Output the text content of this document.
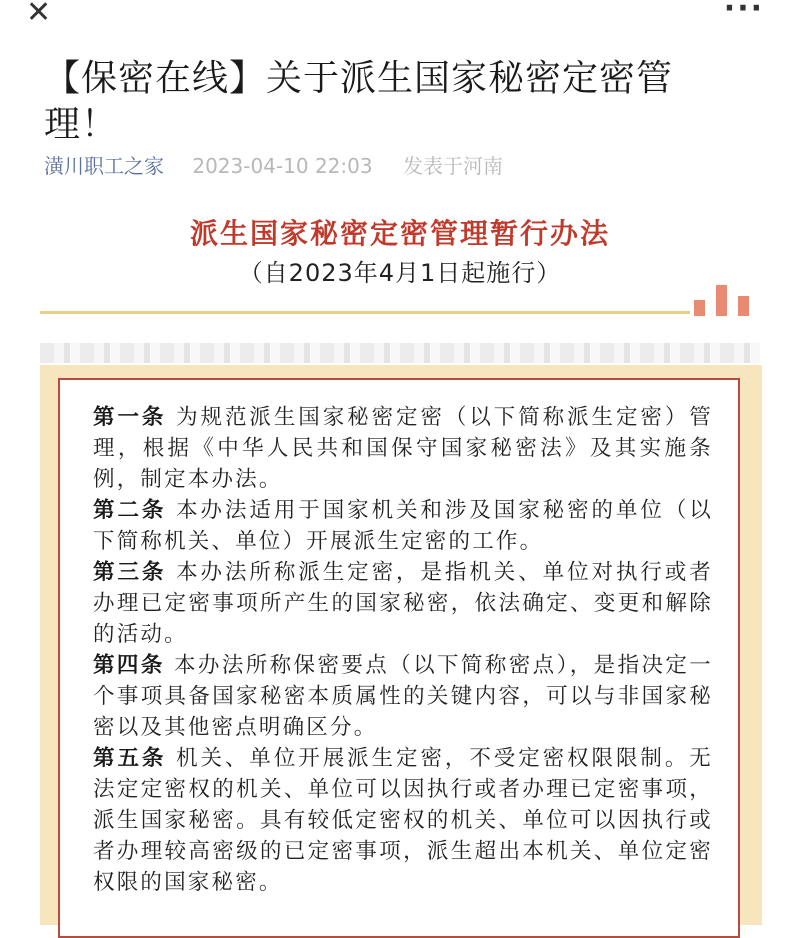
✕	···
【保密在线】关于派生国家秘密定密管理！
潢川职工之家 2023-04-10 22:03 发表于河南
派生国家秘密定密管理暂行办法
（自2023年4月1日起施行）

第一条 为规范派生国家秘密定密（以下简称派生定密）管理，根据《中华人民共和国保守国家秘密法》及其实施条例，制定本办法。

第二条 本办法适用于国家机关和涉及国家秘密的单位（以下简称机关、单位）开展派生定密的工作。

第三条 本办法所称派生定密，是指机关、单位对执行或者办理已定密事项所产生的国家秘密，依法确定、变更和解除的活动。

第四条 本办法所称保密要点（以下简称密点），是指决定一个事项具备国家秘密本质属性的关键内容，可以与非国家秘密以及其他密点明确区分。

第五条 机关、单位开展派生定密，不受定密权限限制。无法定定密权的机关、单位可以因执行或者办理已定密事项，派生国家秘密。具有较低定密权的机关、单位可以因执行或者办理较高密级的已定密事项，派生超出本机关、单位定密权限的国家秘密。
